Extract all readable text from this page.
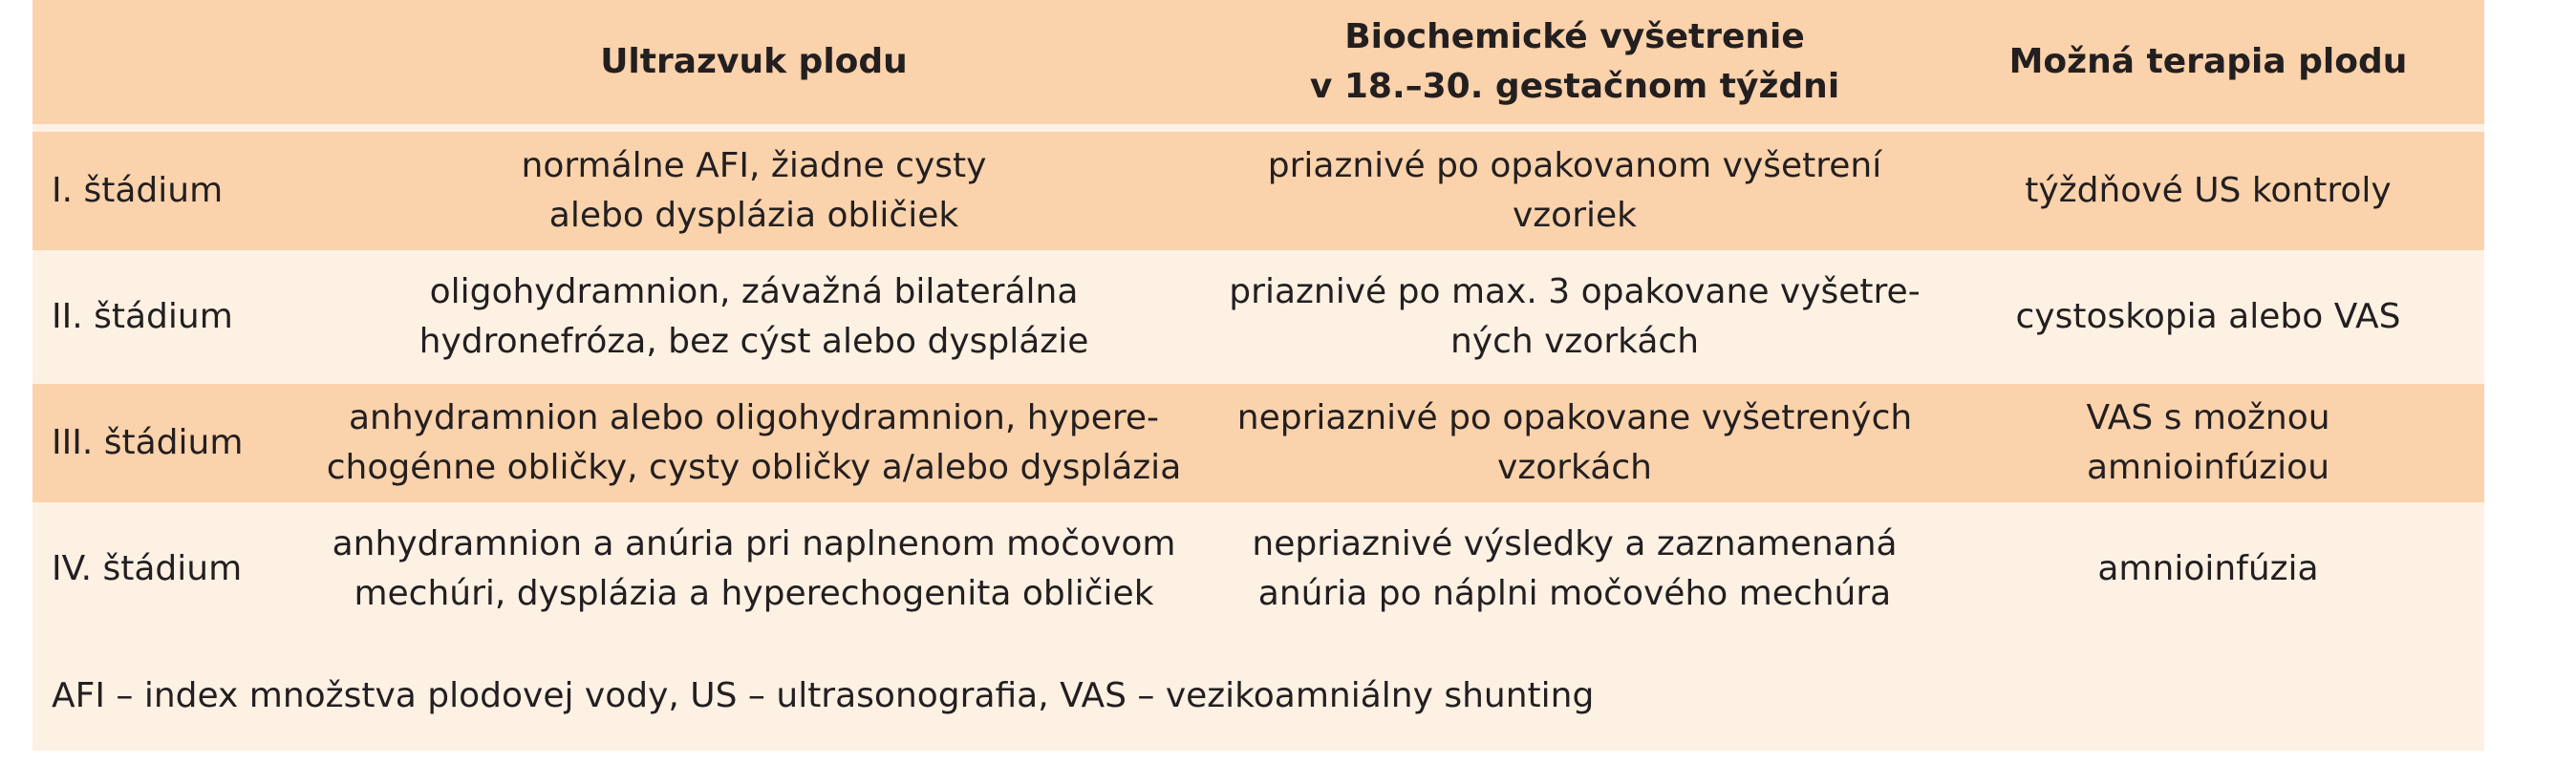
Ultrazvuk plodu
Biochemické vyšetrenie
v 18.–30. gestačnom týždni
Možná terapia plodu
I. štádium
normálne AFI, žiadne cysty
alebo dysplázia obličiek
priaznivé po opakovanom vyšetrení
vzoriek
týždňové US kontroly
II. štádium
oligohydramnion, závažná bilaterálna
hydronefróza, bez cýst alebo dysplázie
priaznivé po max. 3 opakovane vyšetre-
ných vzorkách
cystoskopia alebo VAS
III. štádium
anhydramnion alebo oligohydramnion, hypere-
chogénne obličky, cysty obličky a/alebo dysplázia
nepriaznivé po opakovane vyšetrených
vzorkách
VAS s možnou
amnioinfúziou
IV. štádium
anhydramnion a anúria pri naplnenom močovom
mechúri, dysplázia a hyperechogenita obličiek
nepriaznivé výsledky a zaznamenaná
anúria po náplni močového mechúra
amnioinfúzia
AFI – index množstva plodovej vody, US – ultrasonografia, VAS – vezikoamniálny shunting
